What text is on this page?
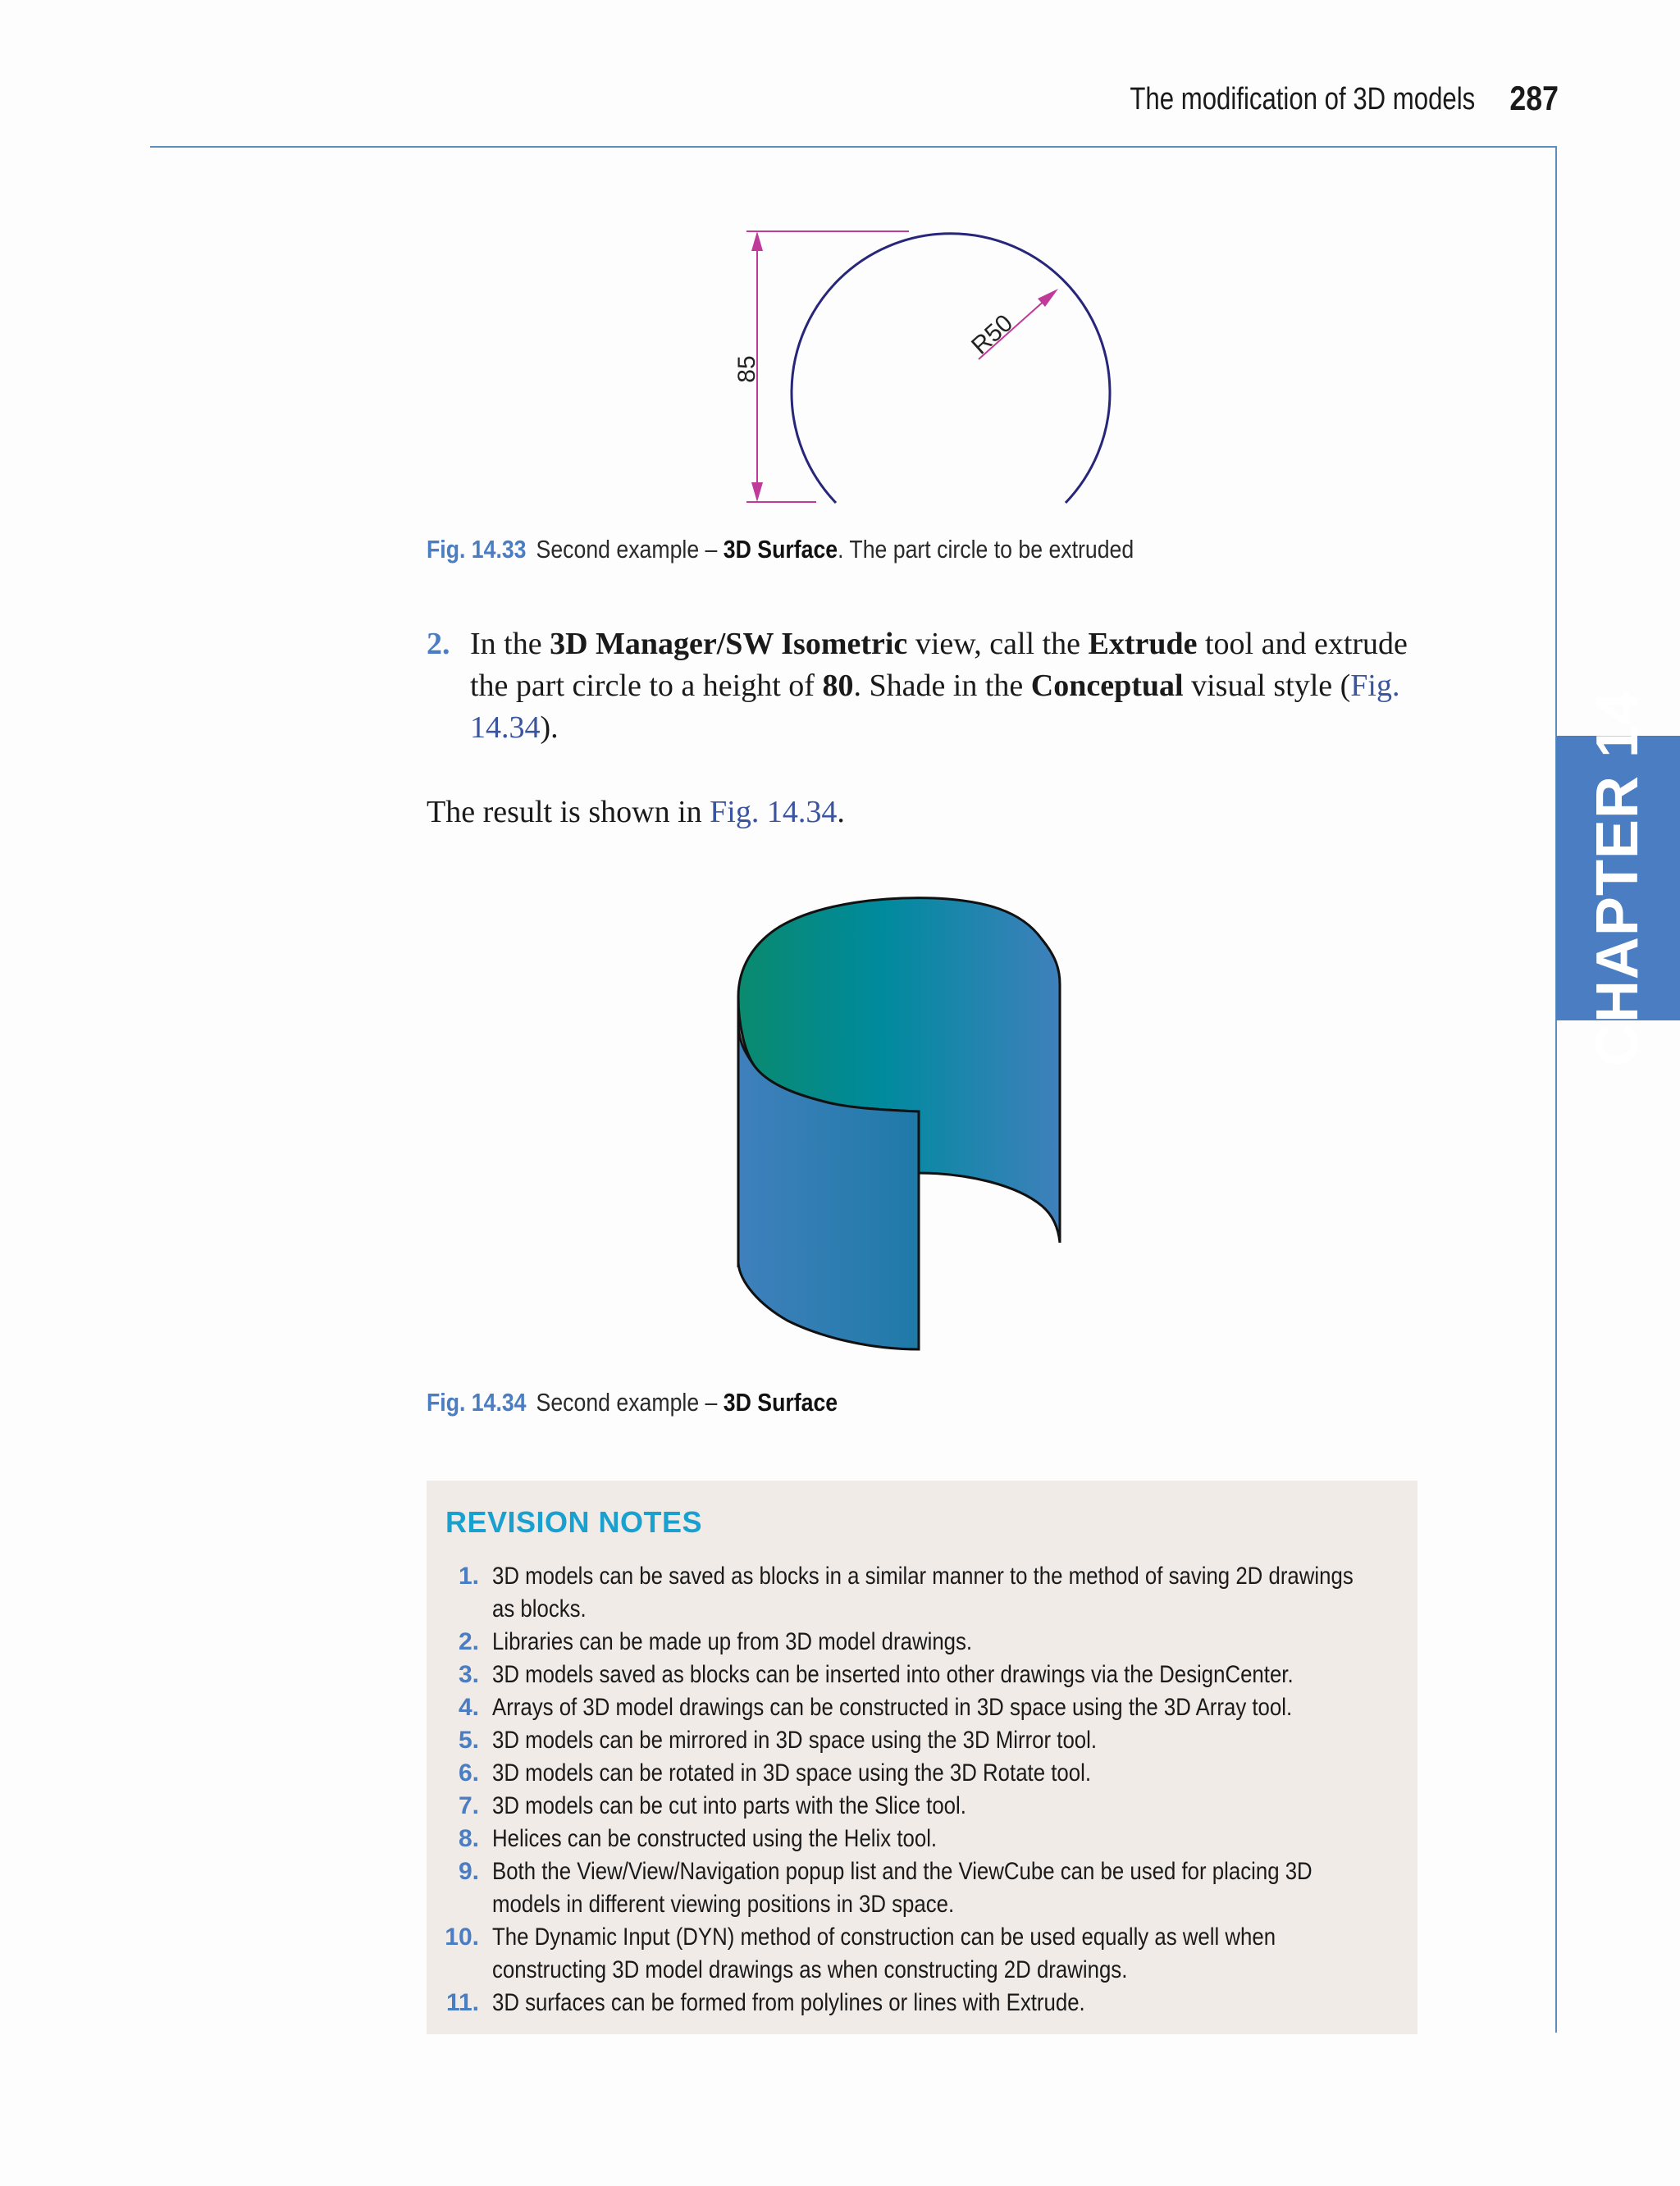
The modification of 3D models 287
CHAPTER 14
85
R50
Fig. 14.33 Second example – 3D Surface. The part circle to be extruded
2. In the 3D Manager/SW Isometric view, call the Extrude tool and extrude the part circle to a height of 80. Shade in the Conceptual visual style (Fig. 14.34).
The result is shown in Fig. 14.34.
Fig. 14.34 Second example – 3D Surface
REVISION NOTES
1. 3D models can be saved as blocks in a similar manner to the method of saving 2D drawings as blocks.
2. Libraries can be made up from 3D model drawings.
3. 3D models saved as blocks can be inserted into other drawings via the DesignCenter.
4. Arrays of 3D model drawings can be constructed in 3D space using the 3D Array tool.
5. 3D models can be mirrored in 3D space using the 3D Mirror tool.
6. 3D models can be rotated in 3D space using the 3D Rotate tool.
7. 3D models can be cut into parts with the Slice tool.
8. Helices can be constructed using the Helix tool.
9. Both the View/View/Navigation popup list and the ViewCube can be used for placing 3D models in different viewing positions in 3D space.
10. The Dynamic Input (DYN) method of construction can be used equally as well when constructing 3D model drawings as when constructing 2D drawings.
11. 3D surfaces can be formed from polylines or lines with Extrude.
